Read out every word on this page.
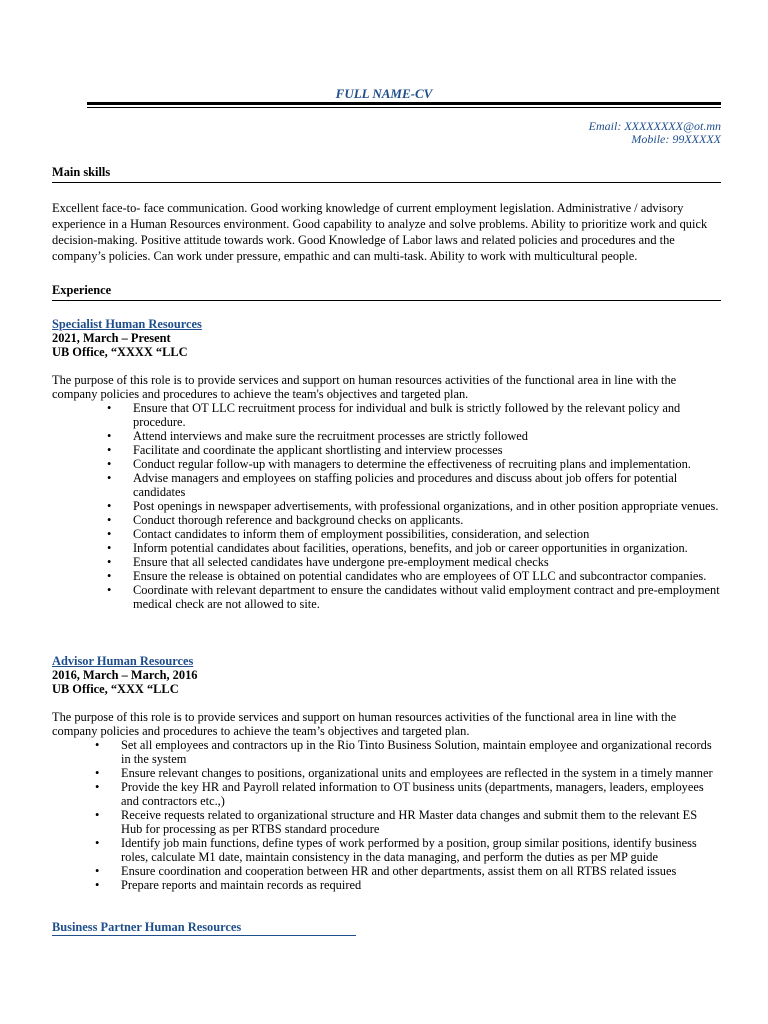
FULL NAME-CV
Email: XXXXXXXX@ot.mn
Mobile: 99XXXXX
Main skills
Excellent face-to- face communication. Good working knowledge of current employment legislation. Administrative / advisory experience in a Human Resources environment. Good capability to analyze and solve problems. Ability to prioritize work and quick decision-making. Positive attitude towards work. Good Knowledge of Labor laws and related policies and procedures and the company’s policies. Can work under pressure, empathic and can multi-task. Ability to work with multicultural people.
Experience
Specialist Human Resources
2021, March – Present
UB Office, “XXXX “LLC
The purpose of this role is to provide services and support on human resources activities of the functional area in line with the company policies and procedures to achieve the team's objectives and targeted plan.
• Ensure that OT LLC recruitment process for individual and bulk is strictly followed by the relevant policy and procedure.
• Attend interviews and make sure the recruitment processes are strictly followed
• Facilitate and coordinate the applicant shortlisting and interview processes
• Conduct regular follow-up with managers to determine the effectiveness of recruiting plans and implementation.
• Advise managers and employees on staffing policies and procedures and discuss about job offers for potential candidates
• Post openings in newspaper advertisements, with professional organizations, and in other position appropriate venues.
• Conduct thorough reference and background checks on applicants.
• Contact candidates to inform them of employment possibilities, consideration, and selection
• Inform potential candidates about facilities, operations, benefits, and job or career opportunities in organization.
• Ensure that all selected candidates have undergone pre-employment medical checks
• Ensure the release is obtained on potential candidates who are employees of OT LLC and subcontractor companies.
• Coordinate with relevant department to ensure the candidates without valid employment contract and pre-employment medical check are not allowed to site.
Advisor Human Resources
2016, March – March, 2016
UB Office, “XXX “LLC
The purpose of this role is to provide services and support on human resources activities of the functional area in line with the company policies and procedures to achieve the team’s objectives and targeted plan.
• Set all employees and contractors up in the Rio Tinto Business Solution, maintain employee and organizational records in the system
• Ensure relevant changes to positions, organizational units and employees are reflected in the system in a timely manner
• Provide the key HR and Payroll related information to OT business units (departments, managers, leaders, employees and contractors etc.,)
• Receive requests related to organizational structure and HR Master data changes and submit them to the relevant ES Hub for processing as per RTBS standard procedure
• Identify job main functions, define types of work performed by a position, group similar positions, identify business roles, calculate M1 date, maintain consistency in the data managing, and perform the duties as per MP guide
• Ensure coordination and cooperation between HR and other departments, assist them on all RTBS related issues
• Prepare reports and maintain records as required
Business Partner Human Resources
